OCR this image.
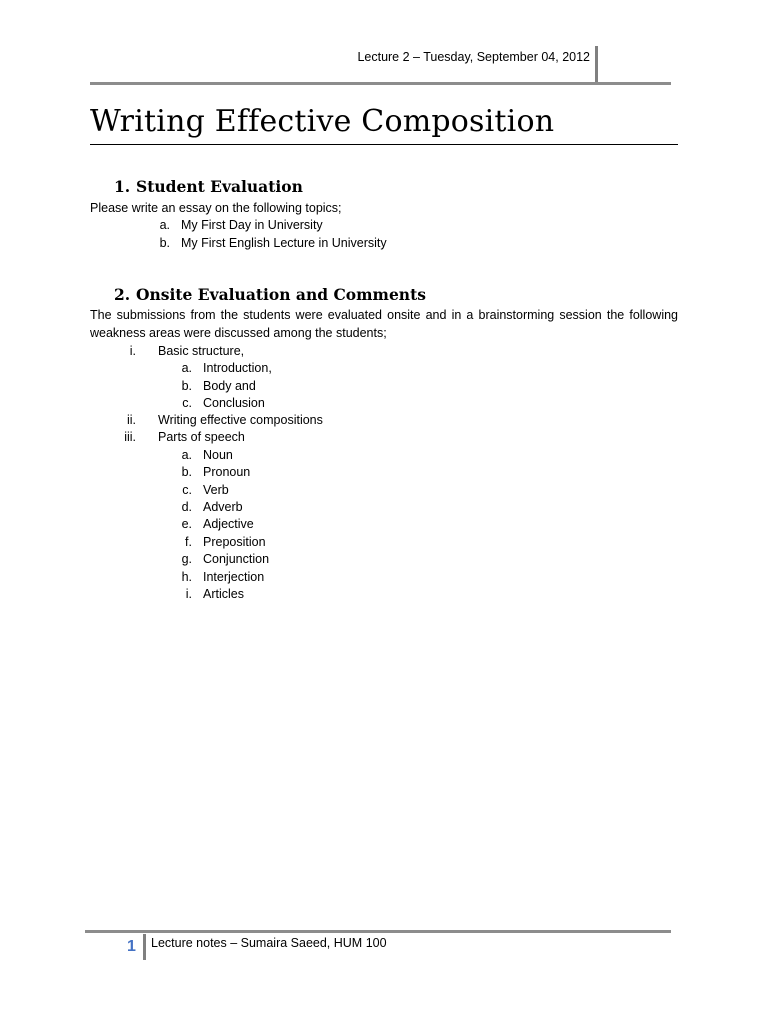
Lecture 2 – Tuesday, September 04, 2012
Writing Effective Composition
1. Student Evaluation
Please write an essay on the following topics;
a. My First Day in University
b. My First English Lecture in University
2. Onsite Evaluation and Comments
The submissions from the students were evaluated onsite and in a brainstorming session the following weakness areas were discussed among the students;
i. Basic structure,
a. Introduction,
b. Body and
c. Conclusion
ii. Writing effective compositions
iii. Parts of speech
a. Noun
b. Pronoun
c. Verb
d. Adverb
e. Adjective
f. Preposition
g. Conjunction
h. Interjection
i. Articles
1 Lecture notes – Sumaira Saeed, HUM 100
